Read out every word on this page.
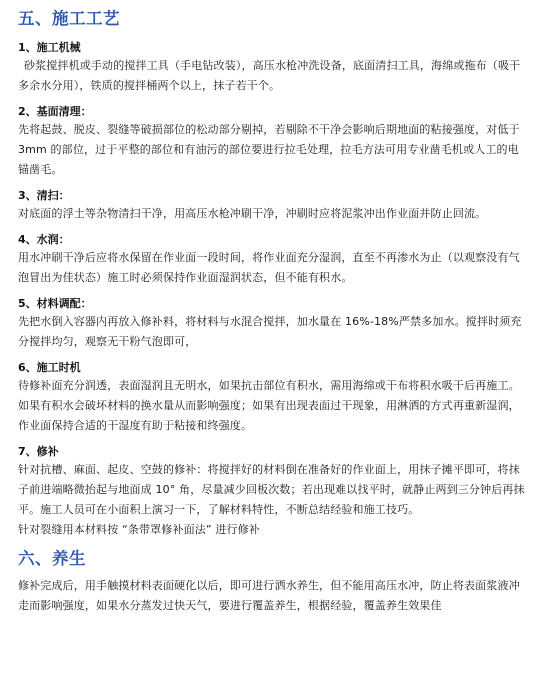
五、施工工艺
1、施工机械

砂浆搅拌机或手动的搅拌工具（手电钻改装），高压水枪冲洗设备，底面清扫工具，海绵或拖布（吸干多余水分用），铁质的搅拌桶两个以上，抹子若干个。

2、基面清理：

先将起鼓、脱皮、裂缝等破损部位的松动部分剔掉，若剔除不干净会影响后期地面的粘接强度，对低于 3mm 的部位，过于平整的部位和有油污的部位要进行拉毛处理，拉毛方法可用专业凿毛机或人工的电锚凿毛。

3、清扫：

对底面的浮土等杂物清扫干净，用高压水枪冲刷干净，冲刷时应将泥浆冲出作业面并防止回流。

4、水润：

用水冲刷干净后应将水保留在作业面一段时间，将作业面充分湿润，直至不再渗水为止（以观察没有气泡冒出为佳状态）施工时必须保持作业面湿润状态，但不能有积水。

5、材料调配：

先把水倒入容器内再放入修补料，将材料与水混合搅拌，加水量在 16%-18%严禁多加水。搅拌时须充分搅拌均匀，观察无干粉气泡即可，

6、施工时机

待修补面充分润透，表面湿润且无明水，如果抗击部位有积水，需用海绵或干布将积水吸干后再施工。如果有积水会破坏材料的换水量从而影响强度；如果有出现表面过干现象，用淋洒的方式再重新湿润，作业面保持合适的干湿度有助于粘接和终强度。

7、修补

针对抗槽、麻面、起皮、空鼓的修补：将搅拌好的材料倒在准备好的作业面上，用抹子摊平即可，将抹子前进端略微抬起与地面成 10° 角，尽量减少回板次数；若出现难以找平时，就静止两到三分钟后再抹平。施工人员可在小面积上演习一下，了解材料特性，不断总结经验和施工技巧。

针对裂缝用本材料按 “条带罩修补面法” 进行修补

六、养生

修补完成后，用手触摸材料表面硬化以后，即可进行洒水养生，但不能用高压水冲，防止将表面浆液冲走而影响强度，如果水分蒸发过快天气，要进行覆盖养生，根据经验，覆盖养生效果佳
